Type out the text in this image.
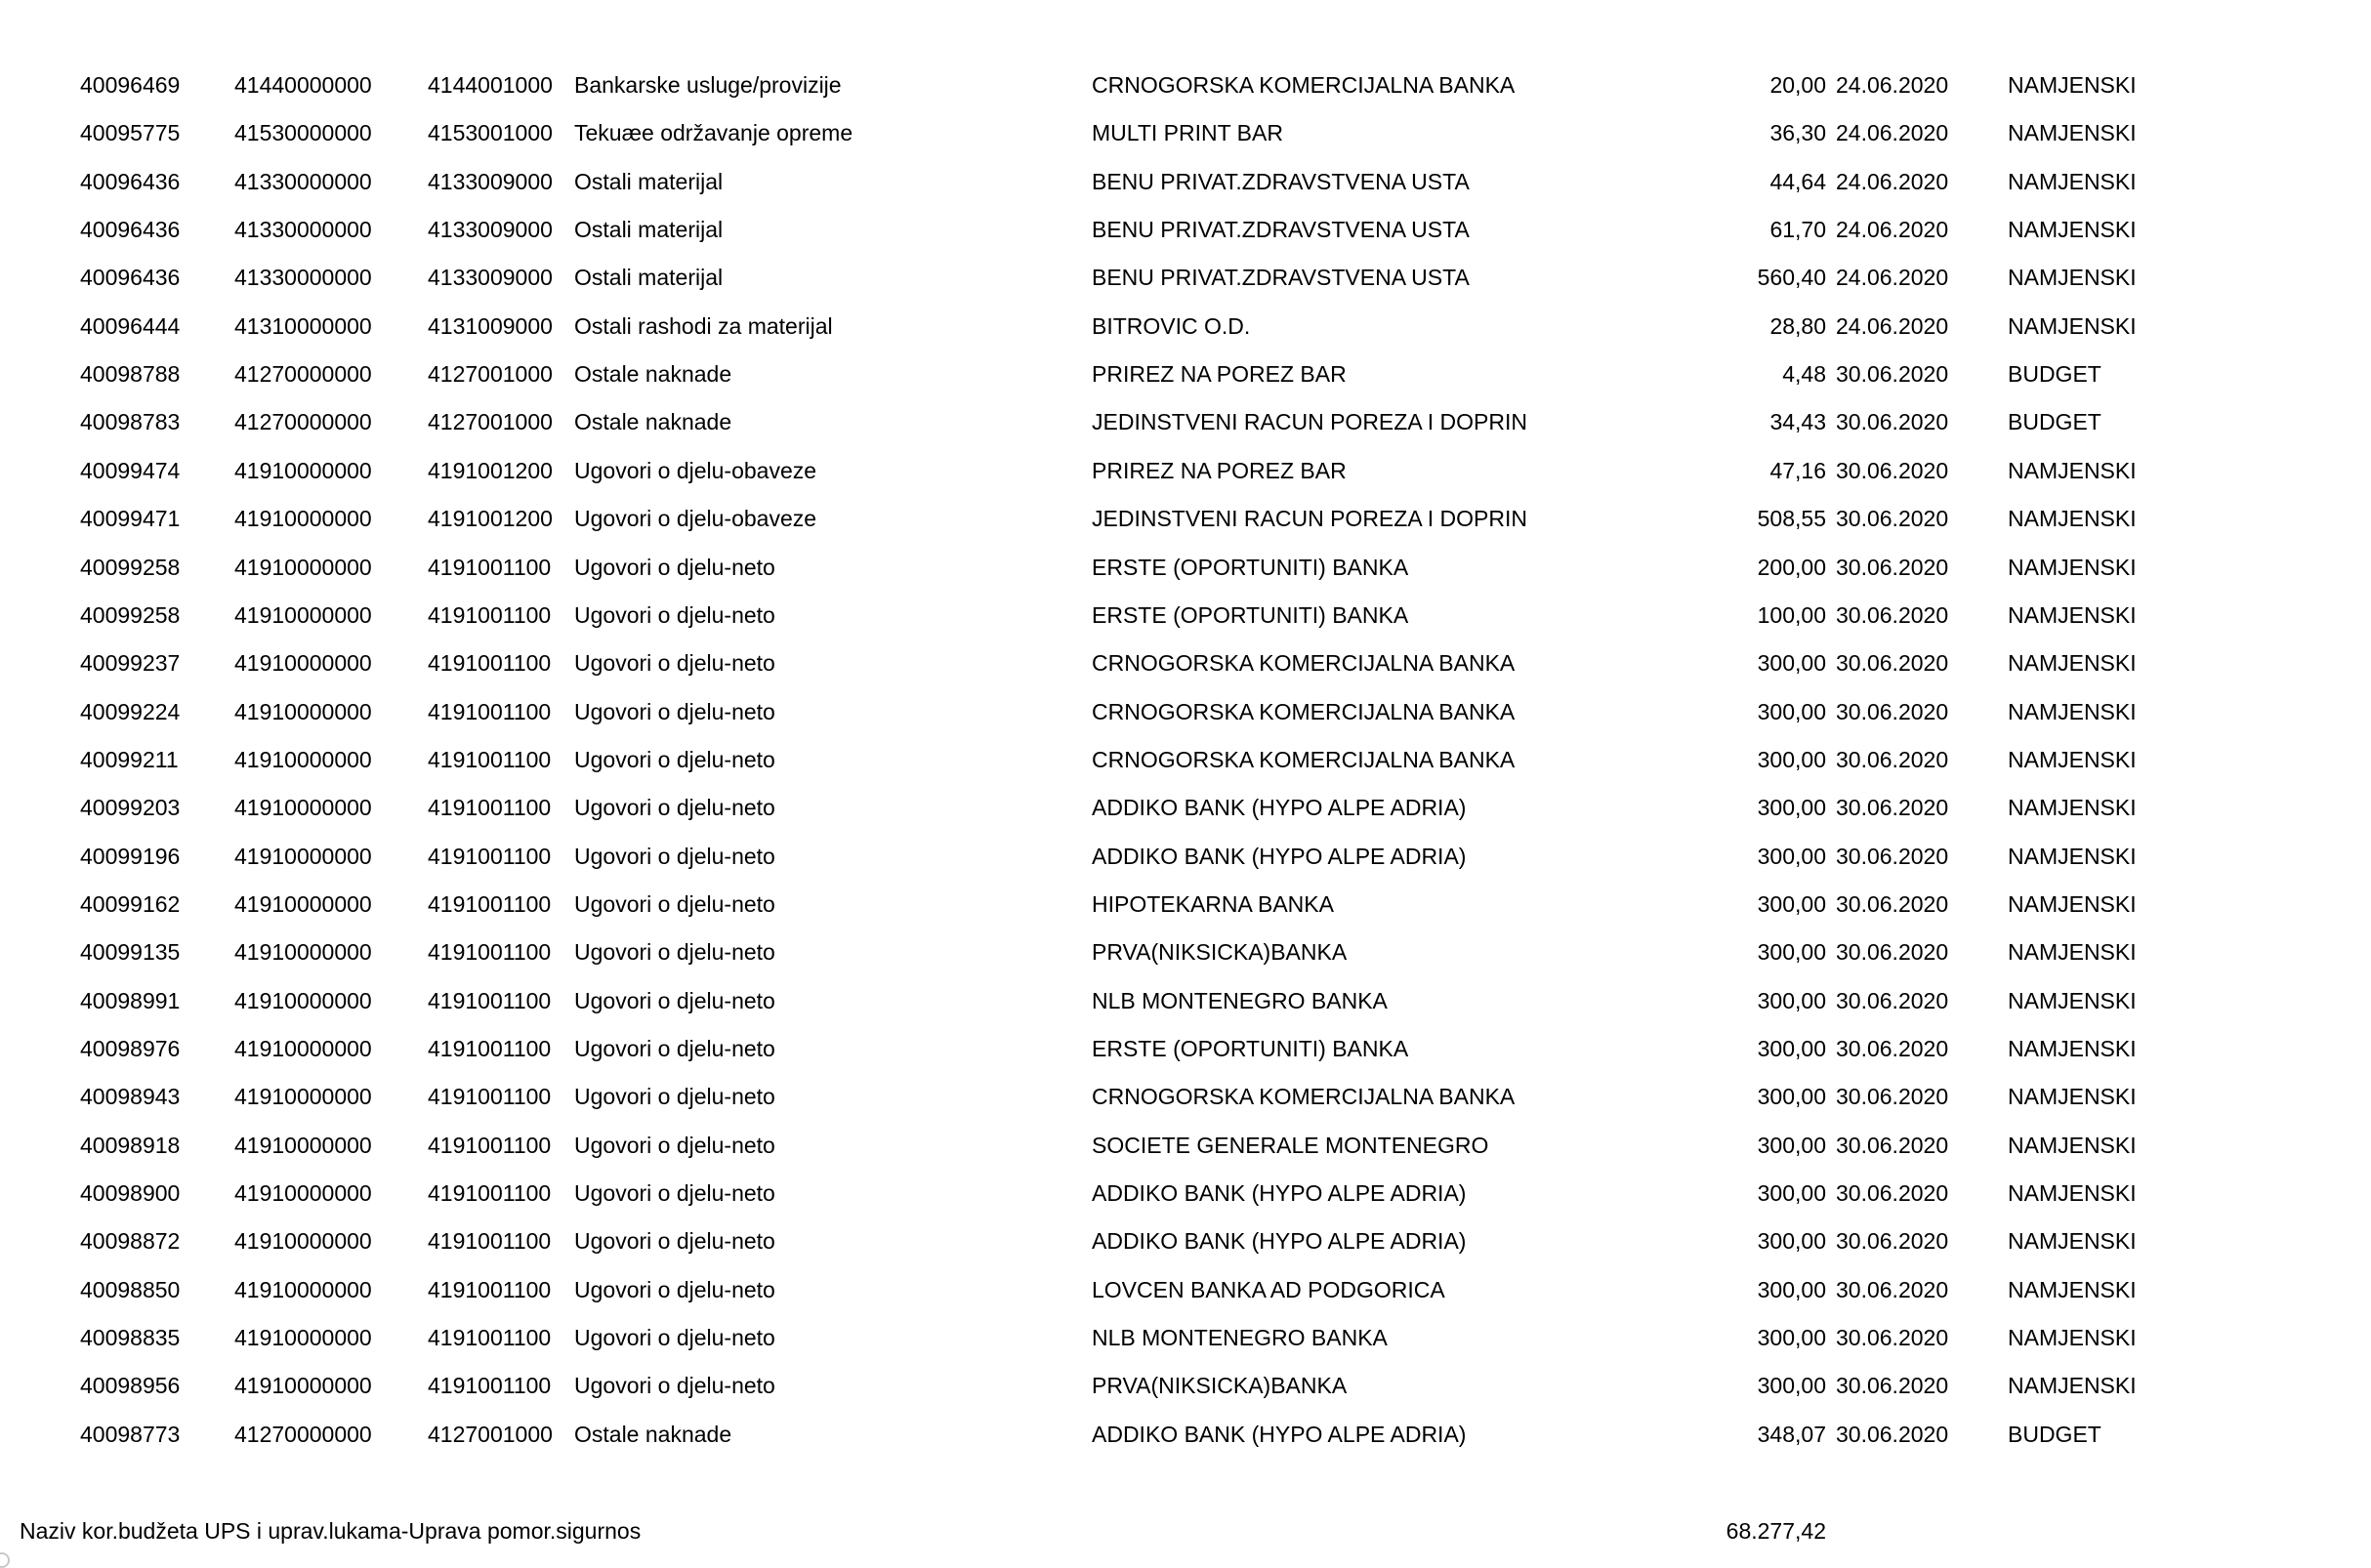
40096469 41440000000 4144001000 Bankarske usluge/provizije	CRNOGORSKA KOMERCIJALNA BANKA	20,00 24.06.2020	NAMJENSKI
40095775 41530000000 4153001000 Tekuæe održavanje opreme	MULTI PRINT BAR	36,30 24.06.2020	NAMJENSKI
40096436 41330000000 4133009000 Ostali materijal	BENU PRIVAT.ZDRAVSTVENA USTA	44,64 24.06.2020	NAMJENSKI
40096436 41330000000 4133009000 Ostali materijal	BENU PRIVAT.ZDRAVSTVENA USTA	61,70 24.06.2020	NAMJENSKI
40096436 41330000000 4133009000 Ostali materijal	BENU PRIVAT.ZDRAVSTVENA USTA	560,40 24.06.2020	NAMJENSKI
40096444 41310000000 4131009000 Ostali rashodi za materijal	BITROVIC O.D.	28,80 24.06.2020	NAMJENSKI
40098788 41270000000 4127001000 Ostale naknade	PRIREZ NA POREZ BAR	4,48 30.06.2020	BUDGET
40098783 41270000000 4127001000 Ostale naknade	JEDINSTVENI RACUN POREZA I DOPRIN	34,43 30.06.2020	BUDGET
40099474 41910000000 4191001200 Ugovori o djelu-obaveze	PRIREZ NA POREZ BAR	47,16 30.06.2020	NAMJENSKI
40099471 41910000000 4191001200 Ugovori o djelu-obaveze	JEDINSTVENI RACUN POREZA I DOPRIN	508,55 30.06.2020	NAMJENSKI
40099258 41910000000 4191001100 Ugovori o djelu-neto	ERSTE (OPORTUNITI) BANKA	200,00 30.06.2020	NAMJENSKI
40099258 41910000000 4191001100 Ugovori o djelu-neto	ERSTE (OPORTUNITI) BANKA	100,00 30.06.2020	NAMJENSKI
40099237 41910000000 4191001100 Ugovori o djelu-neto	CRNOGORSKA KOMERCIJALNA BANKA	300,00 30.06.2020	NAMJENSKI
40099224 41910000000 4191001100 Ugovori o djelu-neto	CRNOGORSKA KOMERCIJALNA BANKA	300,00 30.06.2020	NAMJENSKI
40099211 41910000000 4191001100 Ugovori o djelu-neto	CRNOGORSKA KOMERCIJALNA BANKA	300,00 30.06.2020	NAMJENSKI
40099203 41910000000 4191001100 Ugovori o djelu-neto	ADDIKO BANK (HYPO ALPE ADRIA)	300,00 30.06.2020	NAMJENSKI
40099196 41910000000 4191001100 Ugovori o djelu-neto	ADDIKO BANK (HYPO ALPE ADRIA)	300,00 30.06.2020	NAMJENSKI
40099162 41910000000 4191001100 Ugovori o djelu-neto	HIPOTEKARNA BANKA	300,00 30.06.2020	NAMJENSKI
40099135 41910000000 4191001100 Ugovori o djelu-neto	PRVA(NIKSICKA)BANKA	300,00 30.06.2020	NAMJENSKI
40098991 41910000000 4191001100 Ugovori o djelu-neto	NLB MONTENEGRO BANKA	300,00 30.06.2020	NAMJENSKI
40098976 41910000000 4191001100 Ugovori o djelu-neto	ERSTE (OPORTUNITI) BANKA	300,00 30.06.2020	NAMJENSKI
40098943 41910000000 4191001100 Ugovori o djelu-neto	CRNOGORSKA KOMERCIJALNA BANKA	300,00 30.06.2020	NAMJENSKI
40098918 41910000000 4191001100 Ugovori o djelu-neto	SOCIETE GENERALE MONTENEGRO	300,00 30.06.2020	NAMJENSKI
40098900 41910000000 4191001100 Ugovori o djelu-neto	ADDIKO BANK (HYPO ALPE ADRIA)	300,00 30.06.2020	NAMJENSKI
40098872 41910000000 4191001100 Ugovori o djelu-neto	ADDIKO BANK (HYPO ALPE ADRIA)	300,00 30.06.2020	NAMJENSKI
40098850 41910000000 4191001100 Ugovori o djelu-neto	LOVCEN BANKA AD PODGORICA	300,00 30.06.2020	NAMJENSKI
40098835 41910000000 4191001100 Ugovori o djelu-neto	NLB MONTENEGRO BANKA	300,00 30.06.2020	NAMJENSKI
40098956 41910000000 4191001100 Ugovori o djelu-neto	PRVA(NIKSICKA)BANKA	300,00 30.06.2020	NAMJENSKI
40098773 41270000000 4127001000 Ostale naknade	ADDIKO BANK (HYPO ALPE ADRIA)	348,07 30.06.2020	BUDGET
Naziv kor.budžeta UPS i uprav.lukama-Uprava pomor.sigurnos	68.277,42
